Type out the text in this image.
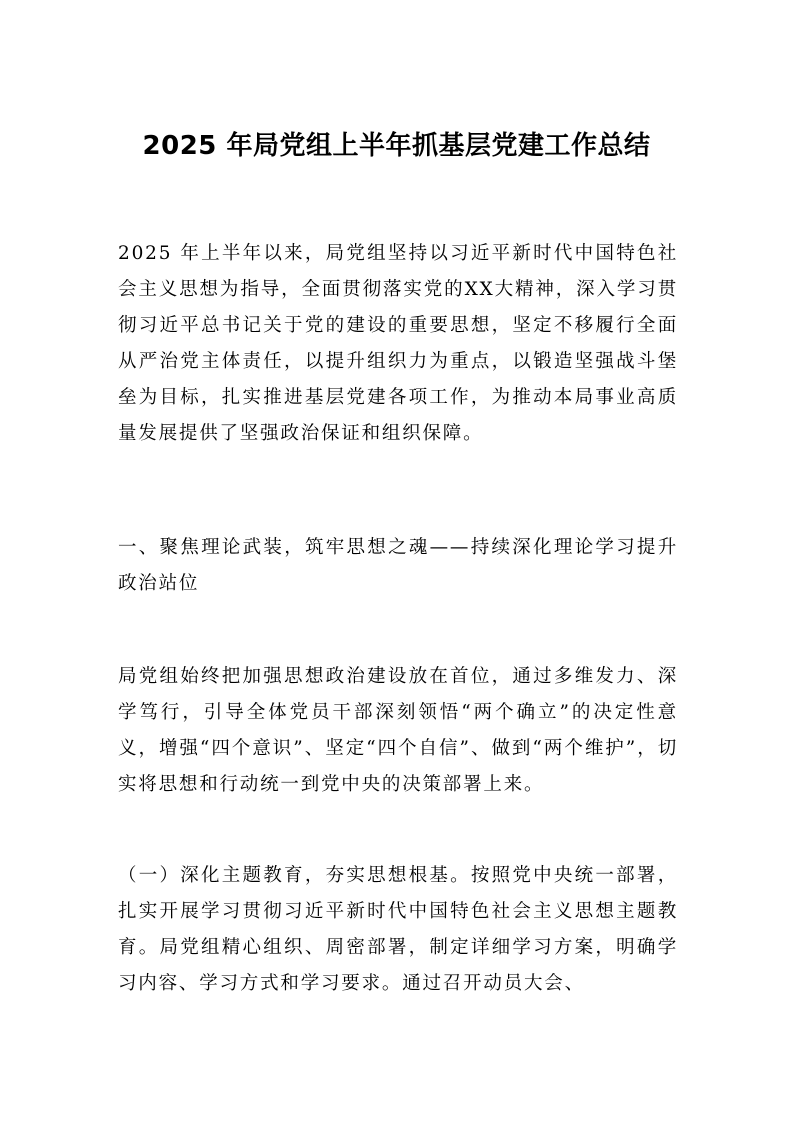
2025 年局党组上半年抓基层党建工作总结

2025 年上半年以来，局党组坚持以习近平新时代中国特色社会主义思想为指导，全面贯彻落实党的XX大精神，深入学习贯彻习近平总书记关于党的建设的重要思想，坚定不移履行全面从严治党主体责任，以提升组织力为重点，以锻造坚强战斗堡垒为目标，扎实推进基层党建各项工作，为推动本局事业高质量发展提供了坚强政治保证和组织保障。

一、聚焦理论武装，筑牢思想之魂——持续深化理论学习提升政治站位

局党组始终把加强思想政治建设放在首位，通过多维发力、深学笃行，引导全体党员干部深刻领悟“两个确立”的决定性意义，增强“四个意识”、坚定“四个自信”、做到“两个维护”，切实将思想和行动统一到党中央的决策部署上来。

（一）深化主题教育，夯实思想根基。按照党中央统一部署，扎实开展学习贯彻习近平新时代中国特色社会主义思想主题教育。局党组精心组织、周密部署，制定详细学习方案，明确学习内容、学习方式和学习要求。通过召开动员大会、
